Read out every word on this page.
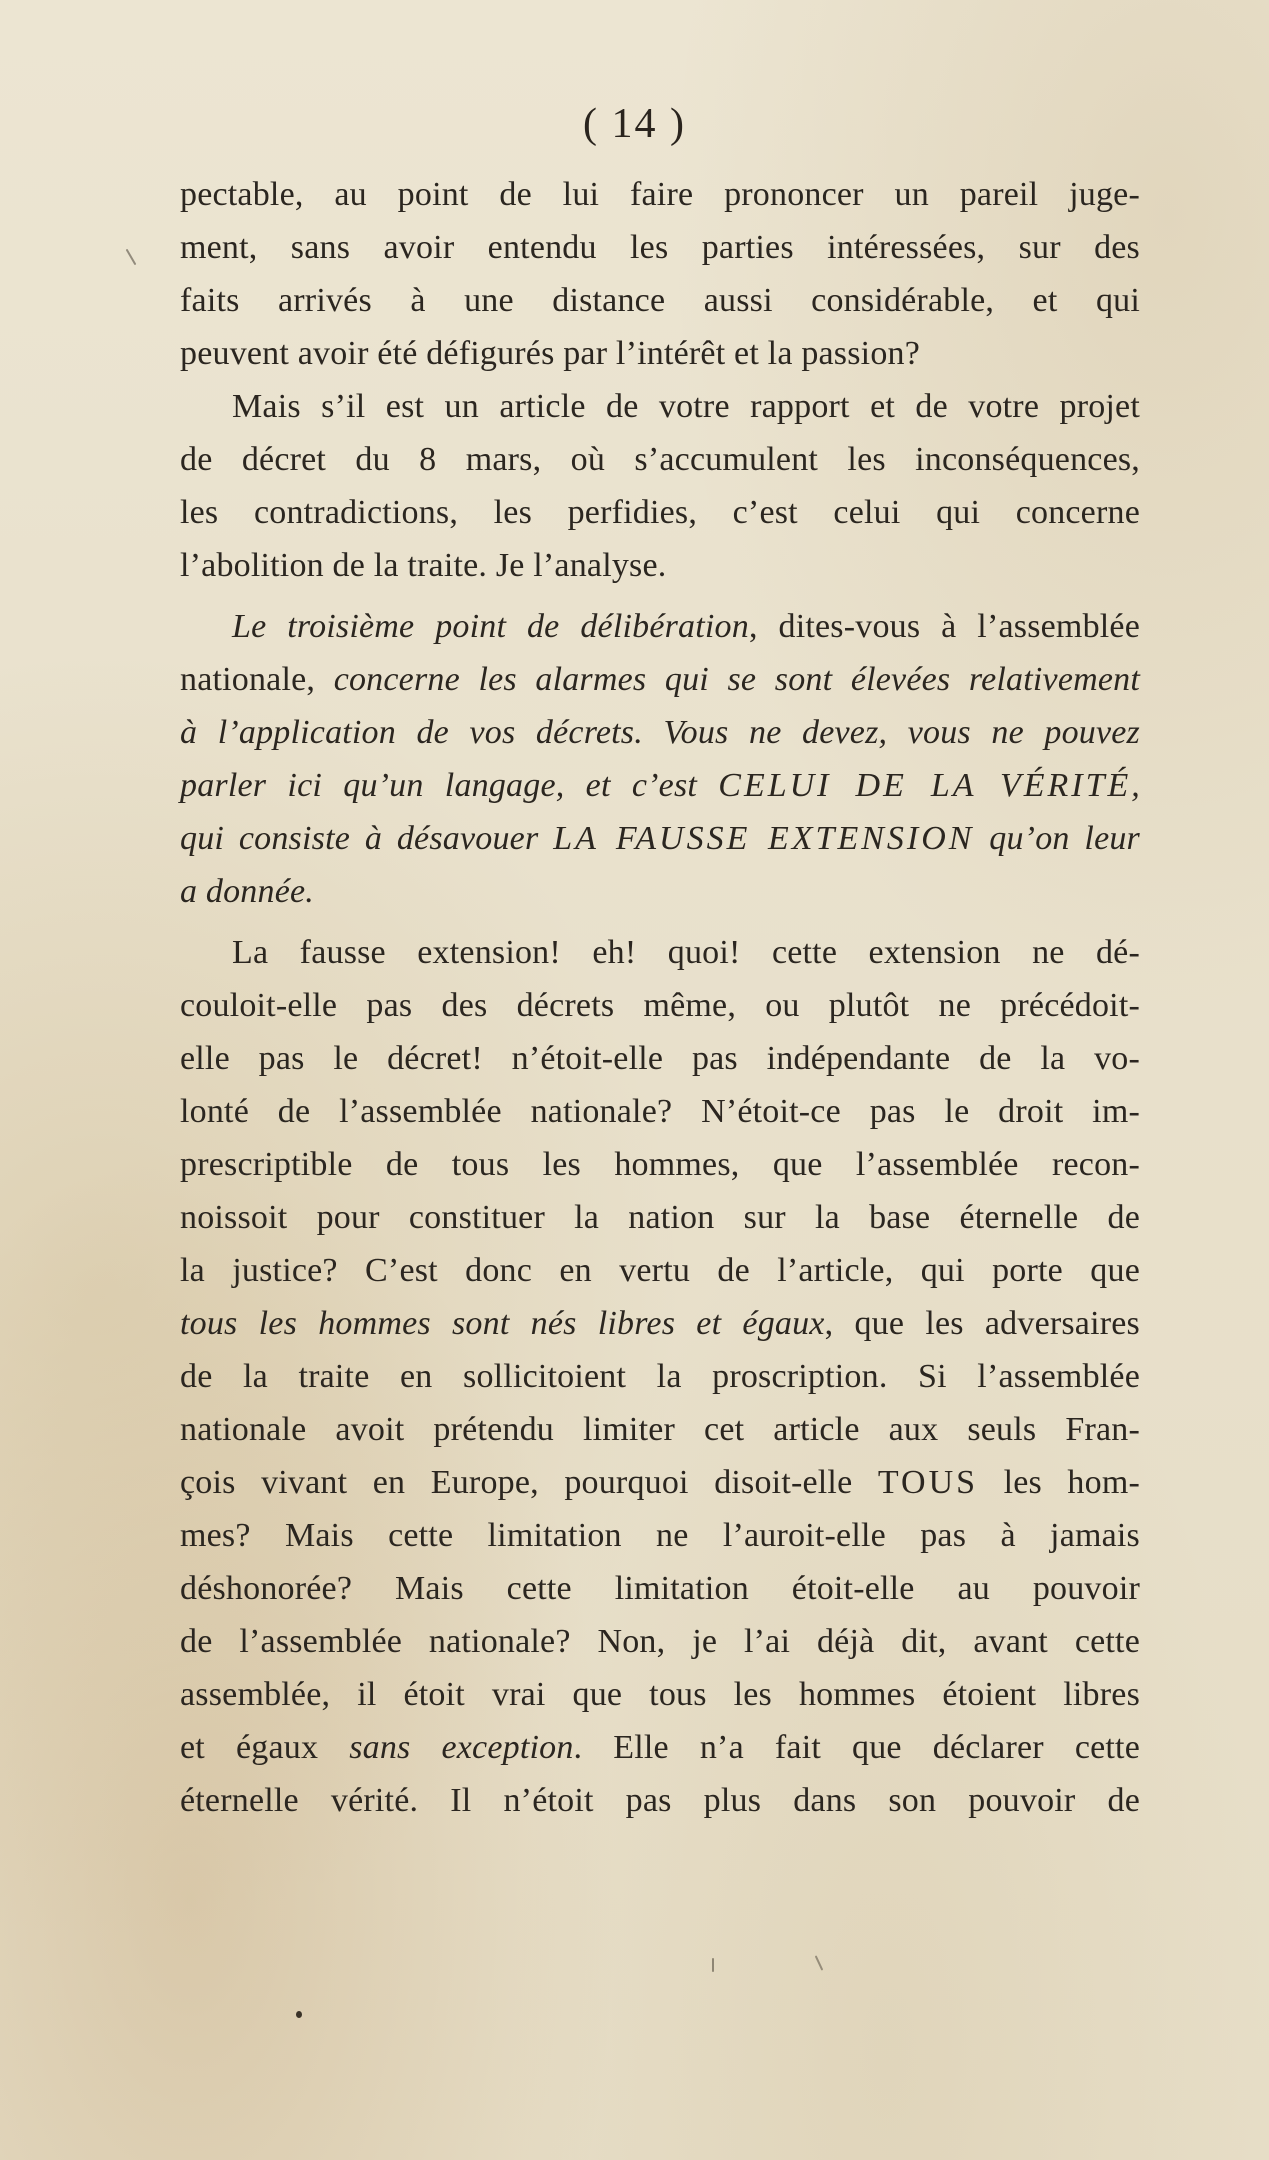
( 14 )
pectable, au point de lui faire prononcer un pareil juge-
ment, sans avoir entendu les parties intéressées, sur des
faits arrivés à une distance aussi considérable, et qui
peuvent avoir été défigurés par l’intérêt et la passion?
Mais s’il est un article de votre rapport et de votre projet
de décret du 8 mars, où s’accumulent les inconséquences,
les contradictions, les perfidies, c’est celui qui concerne
l’abolition de la traite. Je l’analyse.
Le troisième point de délibération, dites-vous à l’assemblée
nationale, concerne les alarmes qui se sont élevées relativement
à l’application de vos décrets. Vous ne devez, vous ne pouvez
parler ici qu’un langage, et c’est CELUI DE LA VÉRITÉ,
qui consiste à désavouer LA FAUSSE EXTENSION qu’on leur
a donnée.
La fausse extension! eh! quoi! cette extension ne dé-
couloit-elle pas des décrets même, ou plutôt ne précédoit-
elle pas le décret! n’étoit-elle pas indépendante de la vo-
lonté de l’assemblée nationale? N’étoit-ce pas le droit im-
prescriptible de tous les hommes, que l’assemblée recon-
noissoit pour constituer la nation sur la base éternelle de
la justice? C’est donc en vertu de l’article, qui porte que
tous les hommes sont nés libres et égaux, que les adversaires
de la traite en sollicitoient la proscription. Si l’assemblée
nationale avoit prétendu limiter cet article aux seuls Fran-
çois vivant en Europe, pourquoi disoit-elle TOUS les hom-
mes? Mais cette limitation ne l’auroit-elle pas à jamais
déshonorée? Mais cette limitation étoit-elle au pouvoir
de l’assemblée nationale? Non, je l’ai déjà dit, avant cette
assemblée, il étoit vrai que tous les hommes étoient libres
et égaux sans exception. Elle n’a fait que déclarer cette
éternelle vérité. Il n’étoit pas plus dans son pouvoir de
